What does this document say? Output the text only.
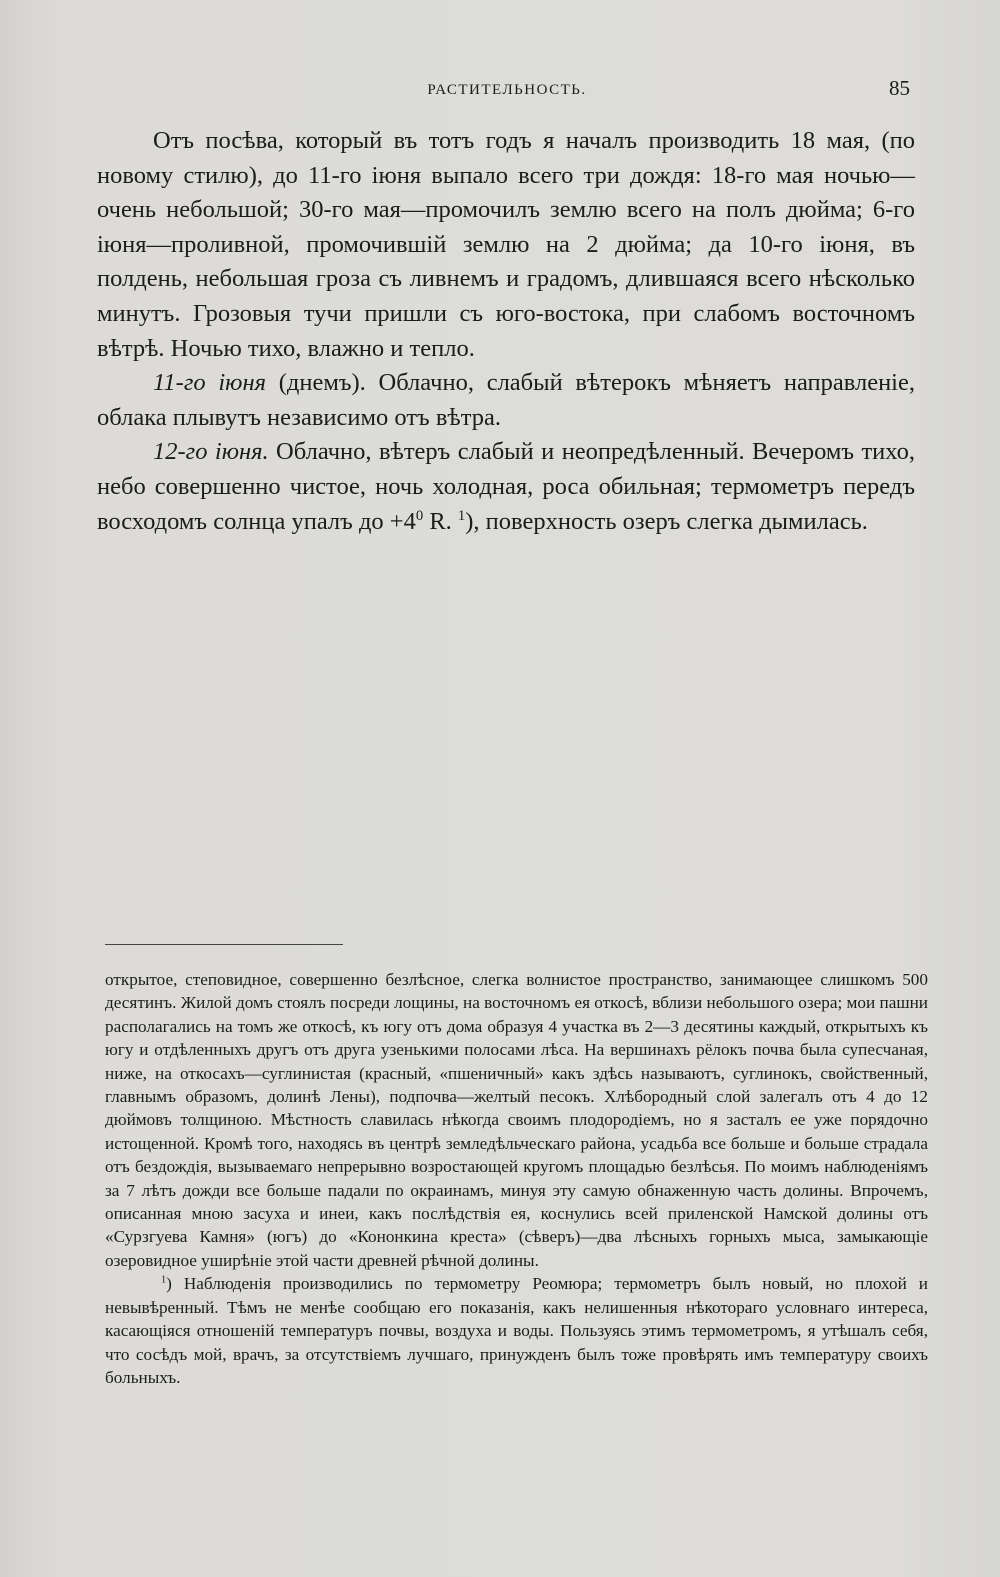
РАСТИТЕЛЬНОСТЬ.	85

Отъ посѣва, который въ тотъ годъ я началъ производить 18 мая, (по новому стилю), до 11-го іюня выпало всего три дождя: 18-го мая ночью—очень небольшой; 30-го мая—промочилъ землю всего на полъ дюйма; 6-го іюня—проливной, промочившій землю на 2 дюйма; да 10-го іюня, въ полдень, небольшая гроза съ ливнемъ и градомъ, длившаяся всего нѣсколько минутъ. Грозовыя тучи пришли съ юго-востока, при слабомъ восточномъ вѣтрѣ. Ночью тихо, влажно и тепло.

11-го іюня (днемъ). Облачно, слабый вѣтерокъ мѣняетъ направленіе, облака плывутъ независимо отъ вѣтра.

12-го іюня. Облачно, вѣтеръ слабый и неопредѣленный. Вечеромъ тихо, небо совершенно чистое, ночь холодная, роса обильная; термометръ передъ восходомъ солнца упалъ до $+4^0$ R. $^1$), поверхность озеръ слегка дымилась.

открытое, степовидное, совершенно безлѣсное, слегка волнистое пространство, занимающее слишкомъ 500 десятинъ. Жилой домъ стоялъ посреди лощины, на восточномъ ея откосѣ, вблизи небольшого озера; мои пашни располагались на томъ же откосѣ, къ югу отъ дома образуя 4 участка въ 2—3 десятины каждый, открытыхъ къ югу и отдѣленныхъ другъ отъ друга узенькими полосами лѣса. На вершинахъ рёлокъ почва была супесчаная, ниже, на откосахъ—суглинистая (красный, «пшеничный» какъ здѣсь называютъ, суглинокъ, свойственный, главнымъ образомъ, долинѣ Лены), подпочва—желтый песокъ. Хлѣбородный слой залегалъ отъ 4 до 12 дюймовъ толщиною. Мѣстность славилась нѣкогда своимъ плодородіемъ, но я засталъ ее уже порядочно истощенной. Кромѣ того, находясь въ центрѣ земледѣльческаго района, усадьба все больше и больше страдала отъ бездождія, вызываемаго непрерывно возростающей кругомъ площадью безлѣсья. По моимъ наблюденіямъ за 7 лѣтъ дожди все больше падали по окраинамъ, минуя эту самую обнаженную часть долины. Впрочемъ, описанная мною засуха и инеи, какъ послѣдствія ея, коснулись всей приленской Намской долины отъ «Сурзгуева Камня» (югъ) до «Кононкина креста» (сѣверъ)—два лѣсныхъ горныхъ мыса, замыкающіе озеровидное уширѣніе этой части древней рѣчной долины.

$^1$) Наблюденія производились по термометру Реомюра; термометръ былъ новый, но плохой и невывѣренный. Тѣмъ не менѣе сообщаю его показанія, какъ нелишенныя нѣкотораго условнаго интереса, касающіяся отношеній температуръ почвы, воздуха и воды. Пользуясь этимъ термометромъ, я утѣшалъ себя, что сосѣдъ мой, врачъ, за отсутствіемъ лучшаго, принужденъ былъ тоже провѣрять имъ температуру своихъ больныхъ.
